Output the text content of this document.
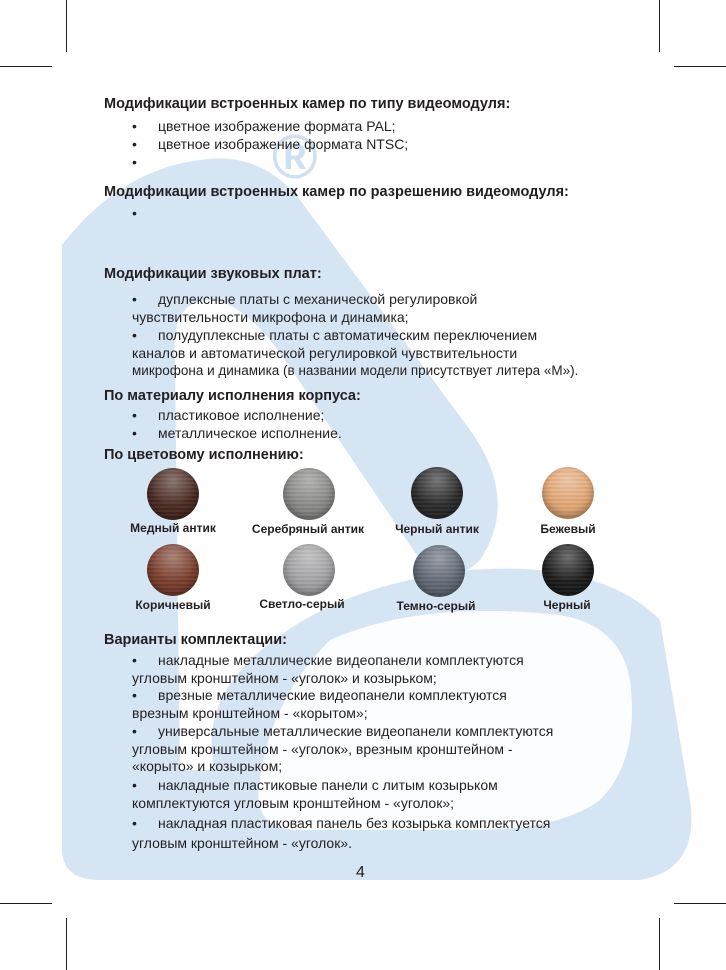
®
Модификации встроенных камер по типу видеомодуля:
• цветное изображение формата PAL;
• цветное изображение формата NTSC;
•
Модификации встроенных камер по разрешению видеомодуля:
•
Модификации звуковых плат:
• дуплексные платы с механической регулировкой
чувствительности микрофона и динамика;
• полудуплексные платы с автоматическим переключением
каналов и автоматической регулировкой чувствительности
микрофона и динамика (в названии модели присутствует литера «М»).
По материалу исполнения корпуса:
• пластиковое исполнение;
• металлическое исполнение.
По цветовому исполнению:
Медный антик	Серебряный антик	Черный антик	Бежевый
Коричневый	Светло-серый	Темно-серый	Черный
Варианты комплектации:
• накладные металлические видеопанели комплектуются
угловым кронштейном - «уголок» и козырьком;
• врезные металлические видеопанели комплектуются
врезным кронштейном - «корытом»;
• универсальные металлические видеопанели комплектуются
угловым кронштейном - «уголок», врезным кронштейном -
«корыто» и козырьком;
• накладные пластиковые панели с литым козырьком
комплектуются угловым кронштейном - «уголок»;
• накладная пластиковая панель без козырька комплектуется
угловым кронштейном - «уголок».
4
